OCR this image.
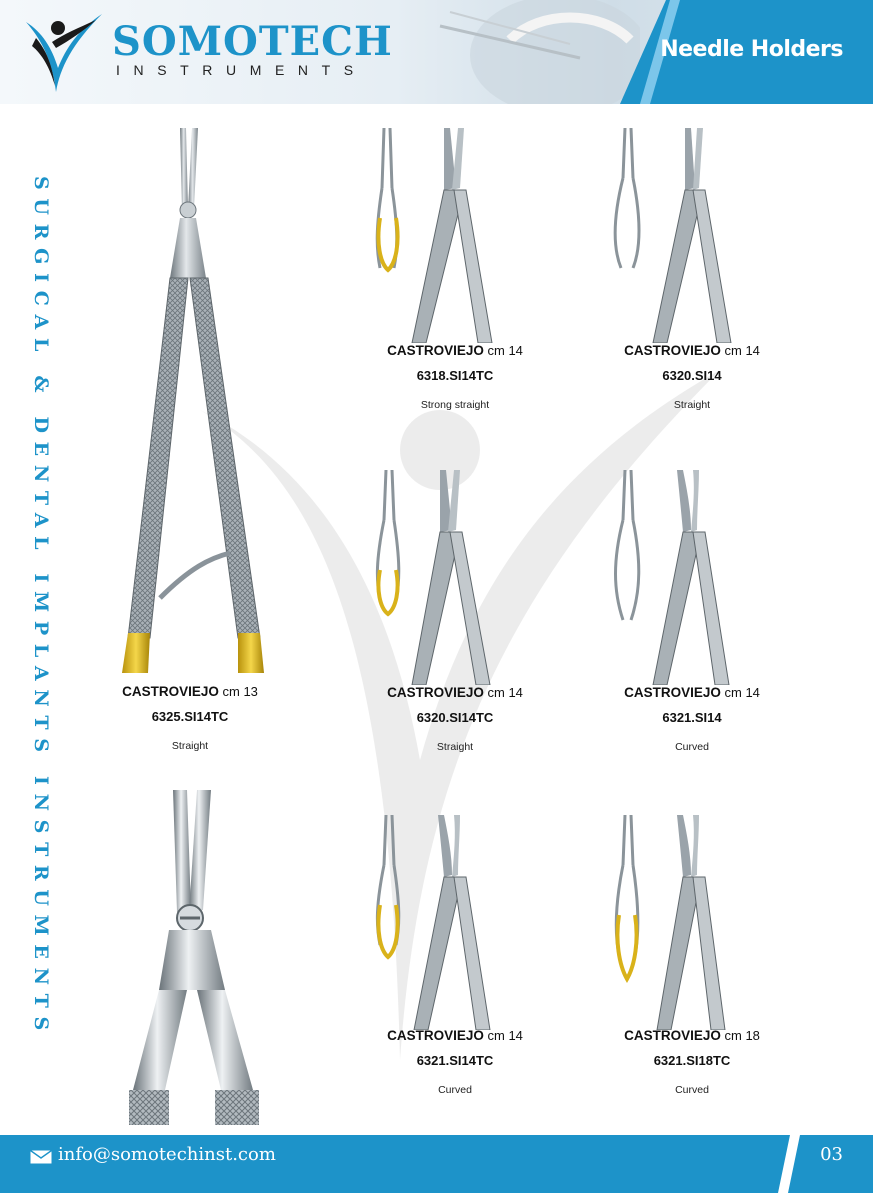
SOMOTECH
INSTRUMENTS
Needle Holders
SURGICAL & DENTAL IMPLANTS INSTRUMENTS	CASTROVIEJO cm 13
6325.SI14TC
Straight
CASTROVIEJO cm 14
6318.SI14TC
Strong straight
CASTROVIEJO cm 14
6320.SI14
Straight
CASTROVIEJO cm 14
6320.SI14TC
Straight
CASTROVIEJO cm 14
6321.SI14
Curved
CASTROVIEJO cm 14
6321.SI14TC
Curved
CASTROVIEJO cm 18
6321.SI18TC
Curved
info@somotechinst.com	03
